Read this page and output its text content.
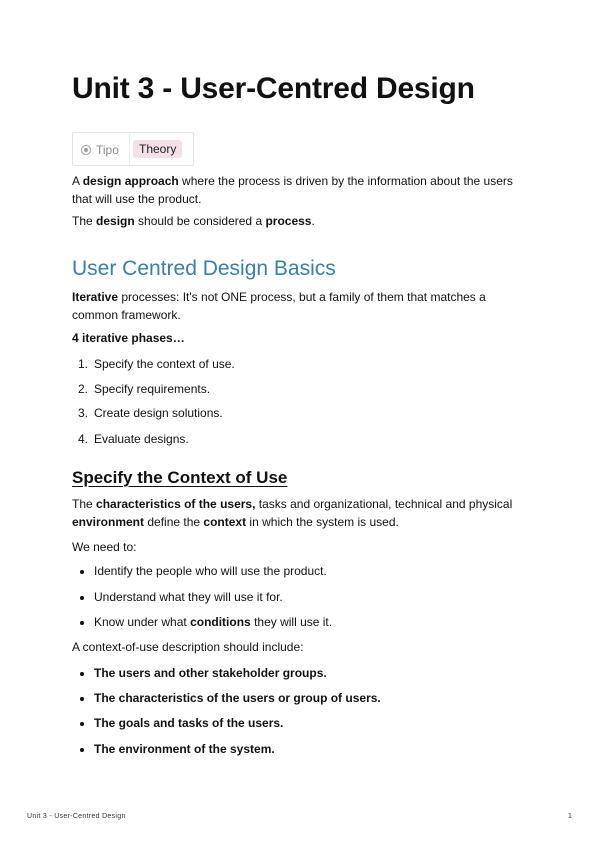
Unit 3 - User-Centred Design
Tipo	Theory

A design approach where the process is driven by the information about the users that will use the product.

The design should be considered a process.

User Centred Design Basics

Iterative processes: It's not ONE process, but a family of them that matches a common framework.

4 iterative phases…

1. Specify the context of use.
2. Specify requirements.
3. Create design solutions.
4. Evaluate designs.
Specify the Context of Use

The characteristics of the users, tasks and organizational, technical and physical environment define the context in which the system is used.

We need to:

Identify the people who will use the product.
Understand what they will use it for.
Know under what conditions they will use it.

A context-of-use description should include:

The users and other stakeholder groups.
The characteristics of the users or group of users.
The goals and tasks of the users.
The environment of the system.
Unit 3 - User-Centred Design	1
